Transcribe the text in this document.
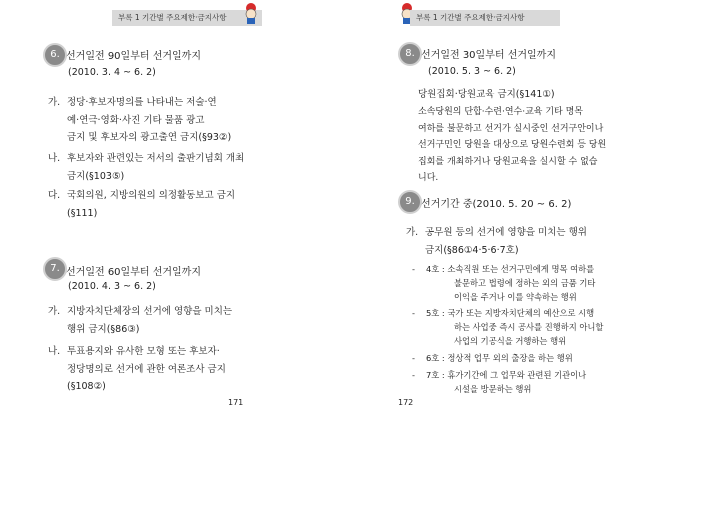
부록 1 기간별 주요제한·금지사항
6. 선거일전 90일부터 선거일까지
(2010. 3. 4 ~ 6. 2)
가. 정당·후보자명의를 나타내는 저술·연
예·연극·영화·사진 기타 물품 광고
금지 및 후보자의 광고출연 금지(§93②)
나. 후보자와 관련있는 저서의 출판기념회 개최
금지(§103⑤)
다. 국회의원, 지방의원의 의정활동보고 금지
(§111)
7. 선거일전 60일부터 선거일까지
(2010. 4. 3 ~ 6. 2)
가. 지방자치단체장의 선거에 영향을 미치는
행위 금지(§86③)
나. 투표용지와 유사한 모형 또는 후보자·
정당명의로 선거에 관한 여론조사 금지
(§108②)
171
부록 1 기간별 주요제한·금지사항
8. 선거일전 30일부터 선거일까지
(2010. 5. 3 ~ 6. 2)
당원집회·당원교육 금지(§141①)
소속당원의 단합·수련·연수·교육 기타 명목
여하를 불문하고 선거가 실시중인 선거구안이나
선거구민인 당원을 대상으로 당원수련회 등 당원
집회를 개최하거나 당원교육을 실시할 수 없습
니다.
9. 선거기간 중(2010. 5. 20 ~ 6. 2)
가. 공무원 등의 선거에 영향을 미치는 행위
금지(§86①4·5·6·7호)
- 4호 : 소속직원 또는 선거구민에게 명목 여하를
불문하고 법령에 정하는 외의 금품 기타
이익을 주거나 이를 약속하는 행위
- 5호 : 국가 또는 지방자치단체의 예산으로 시행
하는 사업중 즉시 공사를 진행하지 아니할
사업의 기공식을 거행하는 행위
- 6호 : 정상적 업무 외의 출장을 하는 행위
- 7호 : 휴가기간에 그 업무와 관련된 기관이나
시설을 방문하는 행위
172
